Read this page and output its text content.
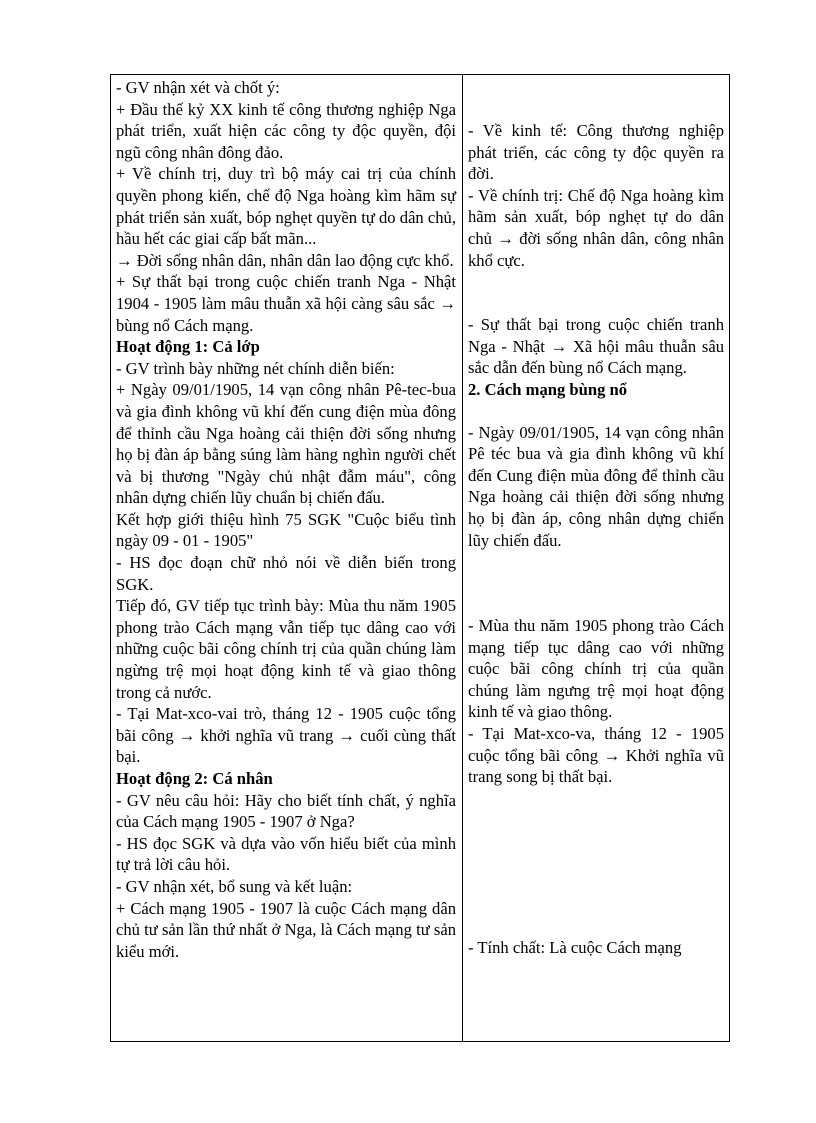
- GV nhận xét và chốt ý:

+ Đầu thế kỷ XX kinh tế công thương nghiệp Nga phát triển, xuất hiện các công ty độc quyền, đội ngũ công nhân đông đảo.

+ Về chính trị, duy trì bộ máy cai trị của chính quyền phong kiến, chế độ Nga hoàng kìm hãm sự phát triển sản xuất, bóp nghẹt quyền tự do dân chủ, hầu hết các giai cấp bất mãn...

→ Đời sống nhân dân, nhân dân lao động cực khổ.

+ Sự thất bại trong cuộc chiến tranh Nga - Nhật 1904 - 1905 làm mâu thuẫn xã hội càng sâu sắc → bùng nổ Cách mạng.

Hoạt động 1: Cả lớp

- GV trình bày những nét chính diễn biến:

+ Ngày 09/01/1905, 14 vạn công nhân Pê-tec-bua và gia đình không vũ khí đến cung điện mùa đông để thỉnh cầu Nga hoàng cải thiện đời sống nhưng họ bị đàn áp bằng súng làm hàng nghìn người chết và bị thương "Ngày chủ nhật đẫm máu", công nhân dựng chiến lũy chuẩn bị chiến đấu.

Kết hợp giới thiệu hình 75 SGK "Cuộc biểu tình ngày 09 - 01 - 1905"

- HS đọc đoạn chữ nhỏ nói về diễn biến trong SGK.

Tiếp đó, GV tiếp tục trình bày: Mùa thu năm 1905 phong trào Cách mạng vẫn tiếp tục dâng cao với những cuộc bãi công chính trị của quần chúng làm ngừng trệ mọi hoạt động kinh tế và giao thông trong cả nước.

- Tại Mat-xco-vai trò, tháng 12 - 1905 cuộc tổng bãi công → khởi nghĩa vũ trang → cuối cùng thất bại.

Hoạt động 2: Cá nhân

- GV nêu câu hỏi: Hãy cho biết tính chất, ý nghĩa của Cách mạng 1905 - 1907 ở Nga?

- HS đọc SGK và dựa vào vốn hiểu biết của mình tự trả lời câu hỏi.

- GV nhận xét, bổ sung và kết luận:

+ Cách mạng 1905 - 1907 là cuộc Cách mạng dân chủ tư sản lần thứ nhất ở Nga, là Cách mạng tư sản kiểu mới.

- Về kinh tế: Công thương nghiệp phát triển, các công ty độc quyền ra đời.

- Về chính trị: Chế độ Nga hoàng kìm hãm sản xuất, bóp nghẹt tự do dân chủ → đời sống nhân dân, công nhân khổ cực.

- Sự thất bại trong cuộc chiến tranh Nga - Nhật → Xã hội mâu thuẫn sâu sắc dẫn đến bùng nổ Cách mạng.

2. Cách mạng bùng nổ

- Ngày 09/01/1905, 14 vạn công nhân Pê téc bua và gia đình không vũ khí đến Cung điện mùa đông để thỉnh cầu Nga hoàng cải thiện đời sống nhưng họ bị đàn áp, công nhân dựng chiến lũy chiến đấu.

- Mùa thu năm 1905 phong trào Cách mạng tiếp tục dâng cao với những cuộc bãi công chính trị của quần chúng làm ngưng trệ mọi hoạt động kinh tế và giao thông.

- Tại Mat-xco-va, tháng 12 - 1905 cuộc tổng bãi công → Khởi nghĩa vũ trang song bị thất bại.

- Tính chất: Là cuộc Cách mạng
